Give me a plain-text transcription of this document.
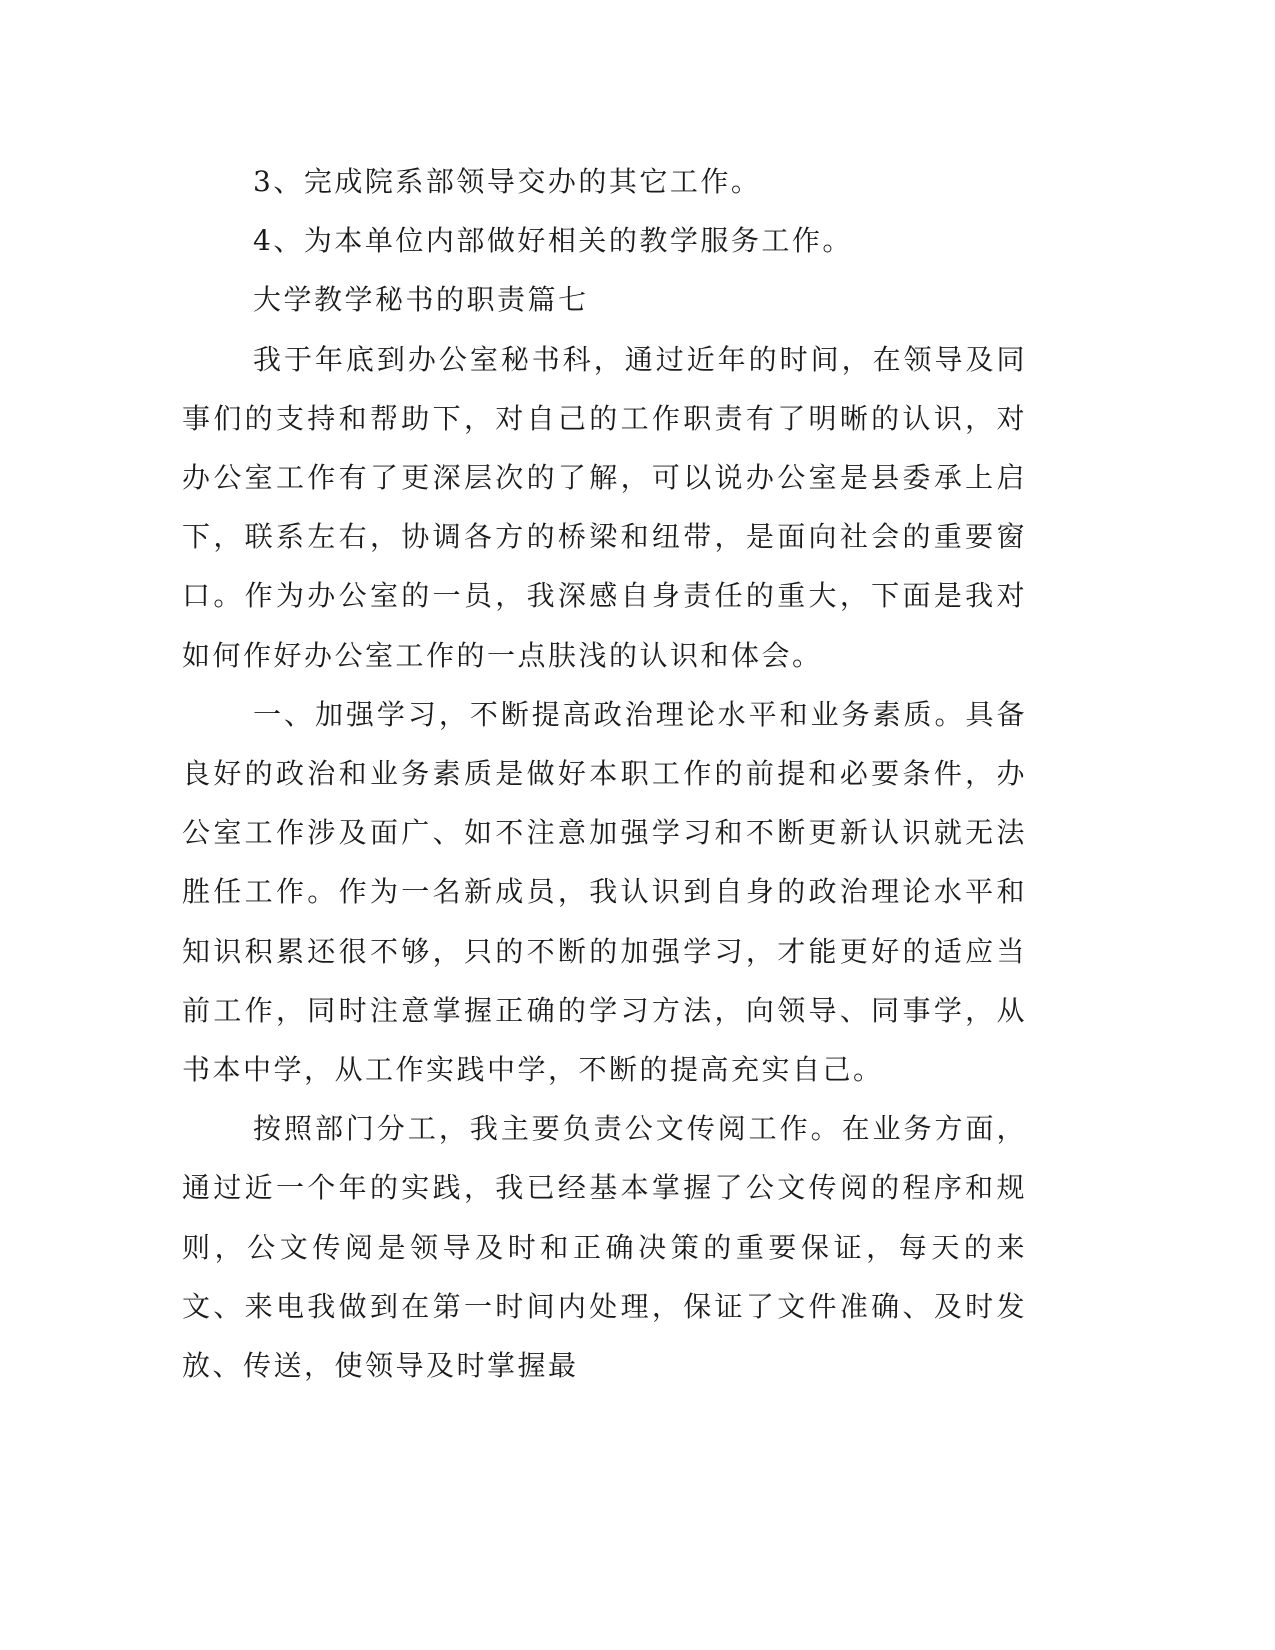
3、完成院系部领导交办的其它工作。

4、为本单位内部做好相关的教学服务工作。

大学教学秘书的职责篇七

我于年底到办公室秘书科，通过近年的时间，在领导及同事们的支持和帮助下，对自己的工作职责有了明晰的认识，对办公室工作有了更深层次的了解，可以说办公室是县委承上启下，联系左右，协调各方的桥梁和纽带，是面向社会的重要窗口。作为办公室的一员，我深感自身责任的重大，下面是我对如何作好办公室工作的一点肤浅的认识和体会。

一、加强学习，不断提高政治理论水平和业务素质。具备良好的政治和业务素质是做好本职工作的前提和必要条件，办公室工作涉及面广、如不注意加强学习和不断更新认识就无法胜任工作。作为一名新成员，我认识到自身的政治理论水平和知识积累还很不够，只的不断的加强学习，才能更好的适应当前工作，同时注意掌握正确的学习方法，向领导、同事学，从书本中学，从工作实践中学，不断的提高充实自己。

按照部门分工，我主要负责公文传阅工作。在业务方面，通过近一个年的实践，我已经基本掌握了公文传阅的程序和规则，公文传阅是领导及时和正确决策的重要保证，每天的来文、来电我做到在第一时间内处理，保证了文件准确、及时发放、传送，使领导及时掌握最
